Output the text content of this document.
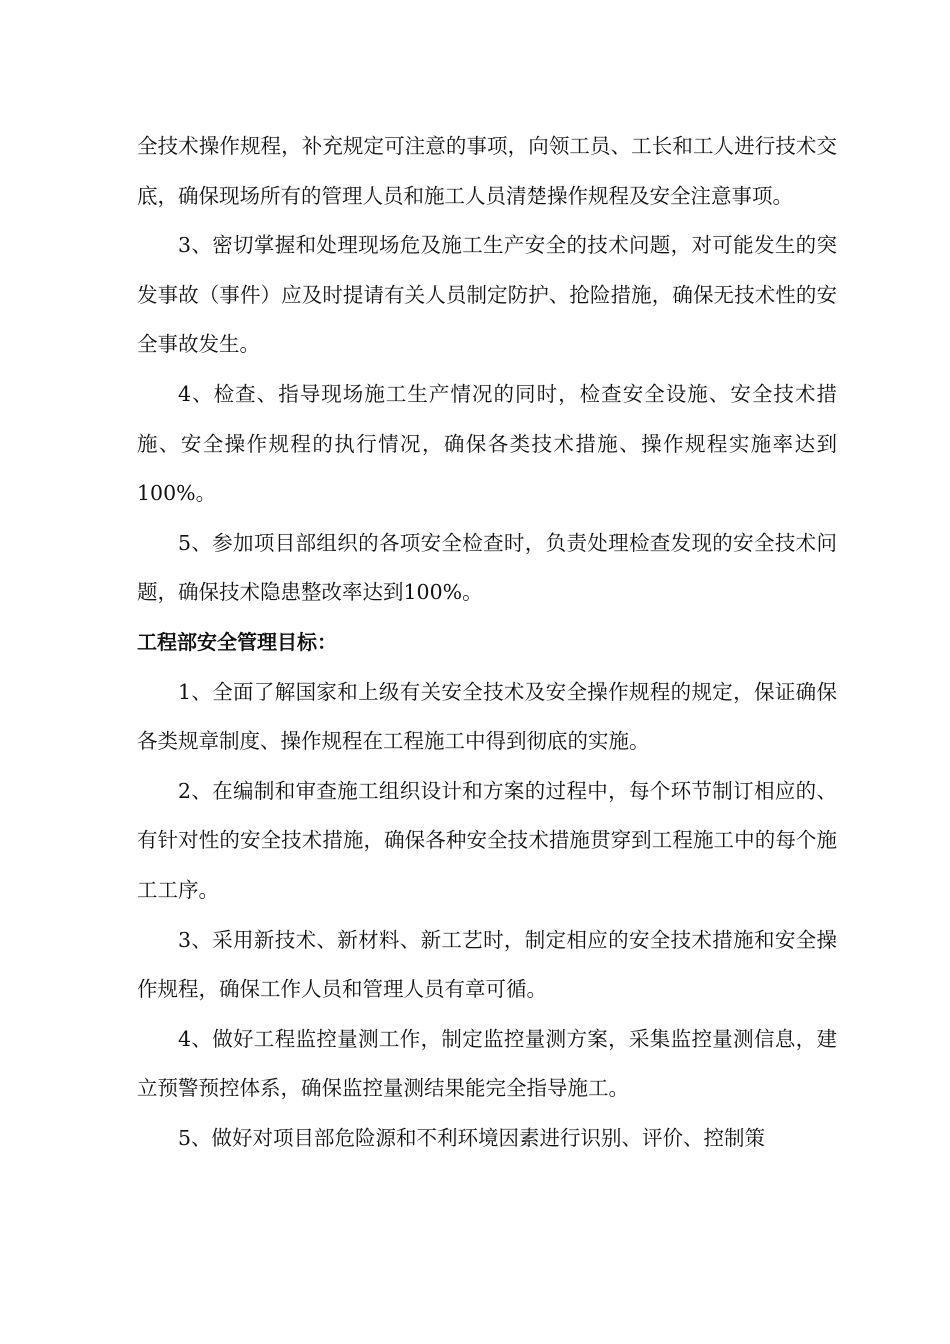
全技术操作规程，补充规定可注意的事项，向领工员、工长和工人进行技术交底，确保现场所有的管理人员和施工人员清楚操作规程及安全注意事项。

3、密切掌握和处理现场危及施工生产安全的技术问题，对可能发生的突发事故（事件）应及时提请有关人员制定防护、抢险措施，确保无技术性的安全事故发生。

4、检查、指导现场施工生产情况的同时，检查安全设施、安全技术措施、安全操作规程的执行情况，确保各类技术措施、操作规程实施率达到100%。

5、参加项目部组织的各项安全检查时，负责处理检查发现的安全技术问题，确保技术隐患整改率达到100%。

工程部安全管理目标：

1、全面了解国家和上级有关安全技术及安全操作规程的规定，保证确保各类规章制度、操作规程在工程施工中得到彻底的实施。

2、在编制和审查施工组织设计和方案的过程中，每个环节制订相应的、有针对性的安全技术措施，确保各种安全技术措施贯穿到工程施工中的每个施工工序。

3、采用新技术、新材料、新工艺时，制定相应的安全技术措施和安全操作规程，确保工作人员和管理人员有章可循。

4、做好工程监控量测工作，制定监控量测方案，采集监控量测信息，建立预警预控体系，确保监控量测结果能完全指导施工。

5、做好对项目部危险源和不利环境因素进行识别、评价、控制策
